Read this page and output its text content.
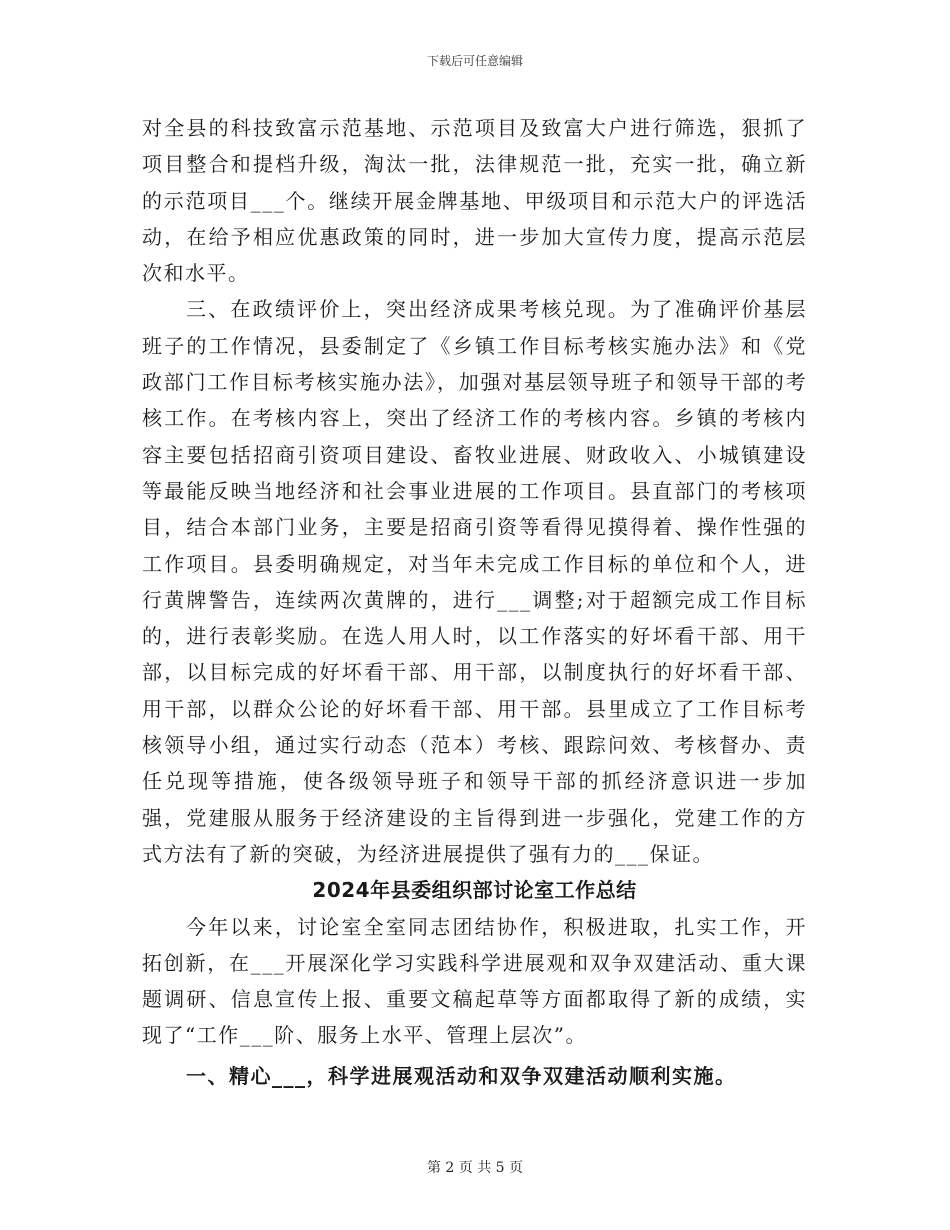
下载后可任意编辑

对全县的科技致富示范基地、示范项目及致富大户进行筛选，狠抓了项目整合和提档升级，淘汰一批，法律规范一批，充实一批，确立新的示范项目___个。继续开展金牌基地、甲级项目和示范大户的评选活动，在给予相应优惠政策的同时，进一步加大宣传力度，提高示范层次和水平。

三、在政绩评价上，突出经济成果考核兑现。为了准确评价基层班子的工作情况，县委制定了《乡镇工作目标考核实施办法》和《党政部门工作目标考核实施办法》，加强对基层领导班子和领导干部的考核工作。在考核内容上，突出了经济工作的考核内容。乡镇的考核内容主要包括招商引资项目建设、畜牧业进展、财政收入、小城镇建设等最能反映当地经济和社会事业进展的工作项目。县直部门的考核项目，结合本部门业务，主要是招商引资等看得见摸得着、操作性强的工作项目。县委明确规定，对当年未完成工作目标的单位和个人，进行黄牌警告，连续两次黄牌的，进行___调整;对于超额完成工作目标的，进行表彰奖励。在选人用人时，以工作落实的好坏看干部、用干部，以目标完成的好坏看干部、用干部，以制度执行的好坏看干部、用干部，以群众公论的好坏看干部、用干部。县里成立了工作目标考核领导小组，通过实行动态（范本）考核、跟踪问效、考核督办、责任兑现等措施，使各级领导班子和领导干部的抓经济意识进一步加强，党建服从服务于经济建设的主旨得到进一步强化，党建工作的方式方法有了新的突破，为经济进展提供了强有力的___保证。

2024年县委组织部讨论室工作总结

今年以来，讨论室全室同志团结协作，积极进取，扎实工作，开拓创新，在___开展深化学习实践科学进展观和双争双建活动、重大课题调研、信息宣传上报、重要文稿起草等方面都取得了新的成绩，实现了“工作___阶、服务上水平、管理上层次”。

一、精心___，科学进展观活动和双争双建活动顺利实施。

第 2 页 共 5 页
